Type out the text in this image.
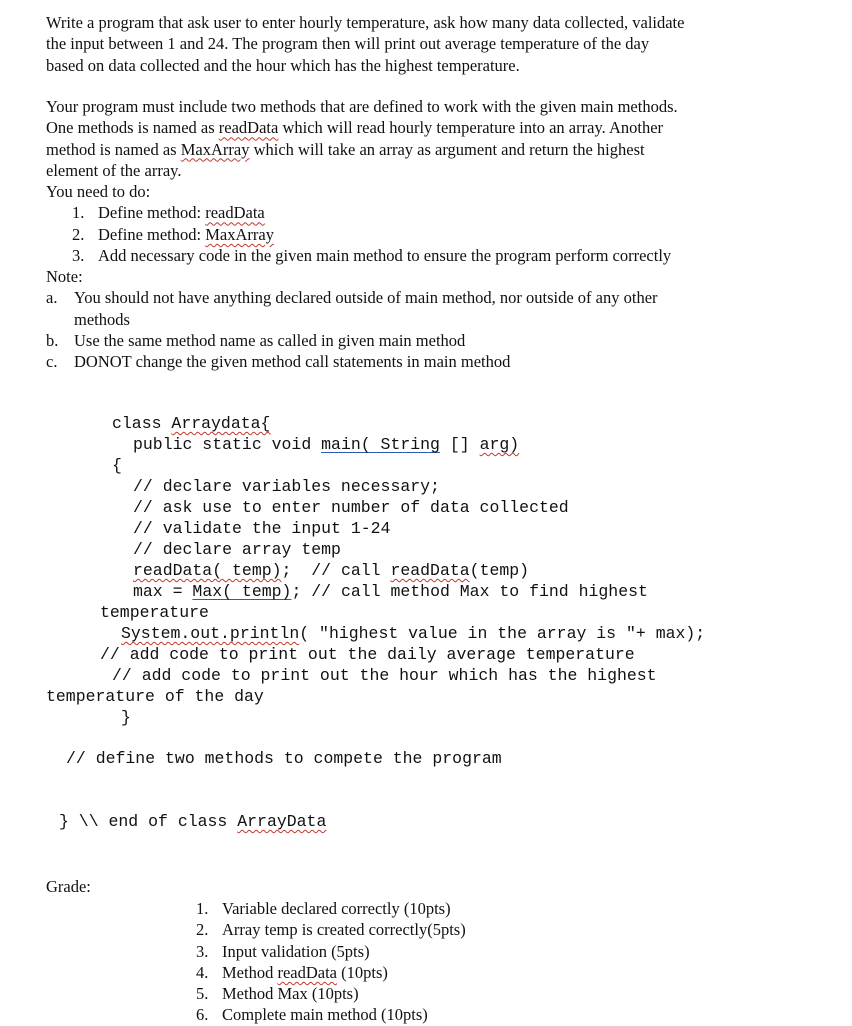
Write a program that ask user to enter hourly temperature, ask how many data collected, validate

the input between 1 and 24. The program then will print out average temperature of the day

based on data collected and the hour which has the highest temperature.

Your program must include two methods that are defined to work with the given main methods.

One methods is named as readData which will read hourly temperature into an array. Another

method is named as MaxArray which will take an array as argument and return the highest

element of the array.

You need to do:

1. Define method: readData

2. Define method: MaxArray

3. Add necessary code in the given main method to ensure the program perform correctly

Note:

a. You should not have anything declared outside of main method, nor outside of any other

methods

b. Use the same method name as called in given main method

c. DONOT change the given method call statements in main method

class Arraydata{
public static void main( String [] arg)
{
// declare variables necessary;
// ask use to enter number of data collected
// validate the input 1-24
// declare array temp
readData( temp);  // call readData(temp)
max = Max( temp); // call method Max to find highest
temperature
System.out.println( "highest value in the array is "+ max);
// add code to print out the daily average temperature
// add code to print out the hour which has the highest
temperature of the day
}
// define two methods to compete the program
} \\ end of class ArrayData
Grade:

1. Variable declared correctly (10pts)

2. Array temp is created correctly(5pts)

3. Input validation (5pts)

4. Method readData (10pts)

5. Method Max (10pts)

6. Complete main method (10pts)
